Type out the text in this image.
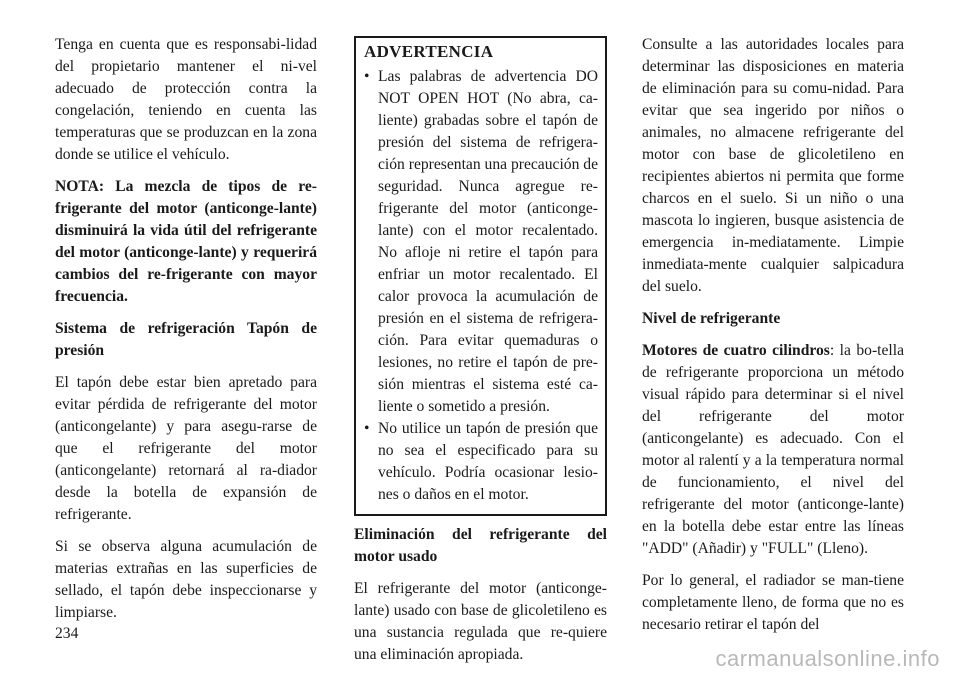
Tenga en cuenta que es responsabi-lidad del propietario mantener el ni-vel adecuado de protección contra la congelación, teniendo en cuenta las temperaturas que se produzcan en la zona donde se utilice el vehículo.

NOTA: La mezcla de tipos de re-frigerante del motor (anticonge-lante) disminuirá la vida útil del refrigerante del motor (anticonge-lante) y requerirá cambios del re-frigerante con mayor frecuencia.

Sistema de refrigeración Tapón de presión

El tapón debe estar bien apretado para evitar pérdida de refrigerante del motor (anticongelante) y para asegu-rarse de que el refrigerante del motor (anticongelante) retornará al ra-diador desde la botella de expansión de refrigerante.

Si se observa alguna acumulación de materias extrañas en las superficies de sellado, el tapón debe inspeccionarse y limpiarse.

ADVERTENCIA
• Las palabras de advertencia DO NOT OPEN HOT (No abra, ca-liente) grabadas sobre el tapón de presión del sistema de refrigera-ción representan una precaución de seguridad. Nunca agregue re-frigerante del motor (anticonge-lante) con el motor recalentado. No afloje ni retire el tapón para enfriar un motor recalentado. El calor provoca la acumulación de presión en el sistema de refrigera-ción. Para evitar quemaduras o lesiones, no retire el tapón de pre-sión mientras el sistema esté ca-liente o sometido a presión.
• No utilice un tapón de presión que no sea el especificado para su vehículo. Podría ocasionar lesio-nes o daños en el motor.

Eliminación del refrigerante del motor usado

El refrigerante del motor (anticonge-lante) usado con base de glicoletileno es una sustancia regulada que re-quiere una eliminación apropiada.

Consulte a las autoridades locales para determinar las disposiciones en materia de eliminación para su comu-nidad. Para evitar que sea ingerido por niños o animales, no almacene refrigerante del motor con base de glicoletileno en recipientes abiertos ni permita que forme charcos en el suelo. Si un niño o una mascota lo ingieren, busque asistencia de emergencia in-mediatamente. Limpie inmediata-mente cualquier salpicadura del suelo.

Nivel de refrigerante

Motores de cuatro cilindros: la bo-tella de refrigerante proporciona un método visual rápido para determinar si el nivel del refrigerante del motor (anticongelante) es adecuado. Con el motor al ralentí y a la temperatura normal de funcionamiento, el nivel del refrigerante del motor (anticonge-lante) en la botella debe estar entre las líneas "ADD" (Añadir) y "FULL" (Lleno).

Por lo general, el radiador se man-tiene completamente lleno, de forma que no es necesario retirar el tapón del

234
carmanualsonline.info
